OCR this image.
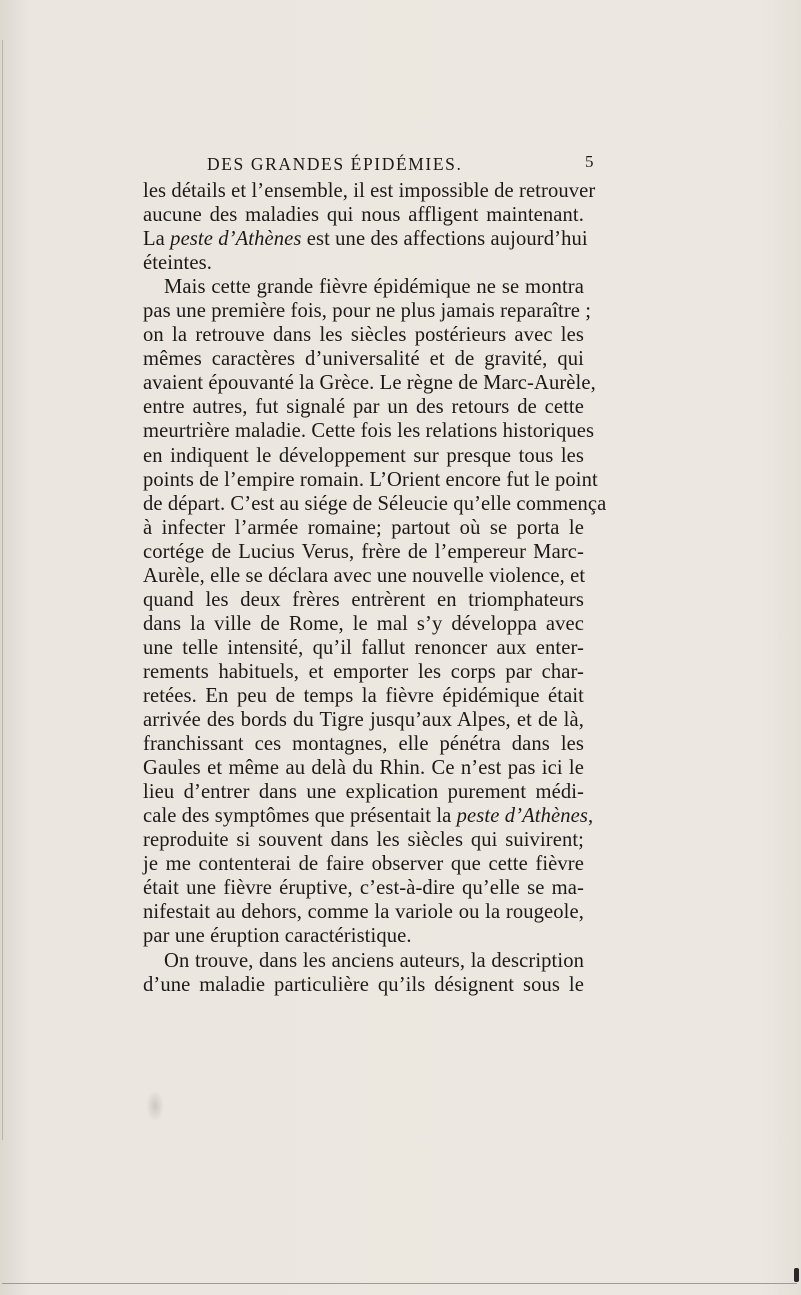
DES GRANDES ÉPIDÉMIES.	5
les détails et l’ensemble, il est impossible de retrouver
aucune des maladies qui nous affligent maintenant.
La peste d’Athènes est une des affections aujourd’hui
éteintes.
Mais cette grande fièvre épidémique ne se montra
pas une première fois, pour ne plus jamais reparaître ;
on la retrouve dans les siècles postérieurs avec les
mêmes caractères d’universalité et de gravité, qui
avaient épouvanté la Grèce. Le règne de Marc-Aurèle,
entre autres, fut signalé par un des retours de cette
meurtrière maladie. Cette fois les relations historiques
en indiquent le développement sur presque tous les
points de l’empire romain. L’Orient encore fut le point
de départ. C’est au siége de Séleucie qu’elle commença
à infecter l’armée romaine; partout où se porta le
cortége de Lucius Verus, frère de l’empereur Marc-
Aurèle, elle se déclara avec une nouvelle violence, et
quand les deux frères entrèrent en triomphateurs
dans la ville de Rome, le mal s’y développa avec
une telle intensité, qu’il fallut renoncer aux enter-
rements habituels, et emporter les corps par char-
retées. En peu de temps la fièvre épidémique était
arrivée des bords du Tigre jusqu’aux Alpes, et de là,
franchissant ces montagnes, elle pénétra dans les
Gaules et même au delà du Rhin. Ce n’est pas ici le
lieu d’entrer dans une explication purement médi-
cale des symptômes que présentait la peste d’Athènes,
reproduite si souvent dans les siècles qui suivirent;
je me contenterai de faire observer que cette fièvre
était une fièvre éruptive, c’est-à-dire qu’elle se ma-
nifestait au dehors, comme la variole ou la rougeole,
par une éruption caractéristique.
On trouve, dans les anciens auteurs, la description
d’une maladie particulière qu’ils désignent sous le
